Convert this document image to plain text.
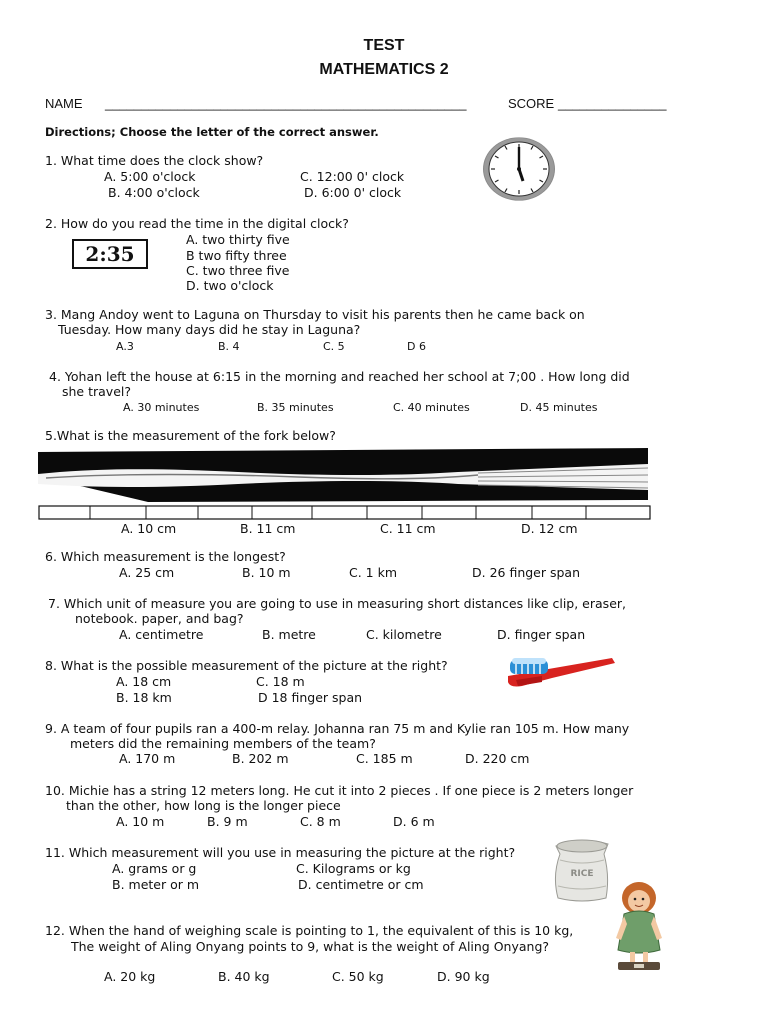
TEST
MATHEMATICS 2
NAME __________________________________________________	SCORE _______________
Directions; Choose the letter of the correct answer.
1. What time does the clock show?
A. 5:00 o'clock	C. 12:00 0' clock
B. 4:00 o'clock	D. 6:00 0' clock
2. How do you read the time in the digital clock?
2:35
A. two thirty five
B two fifty three
C. two three five
D. two o'clock
3. Mang Andoy went to Laguna on Thursday to visit his parents then he came back on
Tuesday. How many days did he stay in Laguna?
A.3	B. 4	C. 5	D 6
4. Yohan left the house at 6:15 in the morning and reached her school at 7;00 . How long did
she travel?
A. 30 minutes	B. 35 minutes	C. 40 minutes	D. 45 minutes
5.What is the measurement of the fork below?
A. 10 cm	B. 11 cm	C. 11 cm	D. 12 cm
6. Which measurement is the longest?
A. 25 cm	B. 10 m	C. 1 km	D. 26 finger span
7. Which unit of measure you are going to use in measuring short distances like clip, eraser,
notebook. paper, and bag?
A. centimetre	B. metre	C. kilometre	D. finger span
8. What is the possible measurement of the picture at the right?
A. 18 cm	C. 18 m
B. 18 km	D 18 finger span
9. A team of four pupils ran a 400-m relay. Johanna ran 75 m and Kylie ran 105 m. How many
meters did the remaining members of the team?
A. 170 m	B. 202 m	C. 185 m	D. 220 cm
10. Michie has a string 12 meters long. He cut it into 2 pieces . If one piece is 2 meters longer
than the other, how long is the longer piece
A. 10 m	B. 9 m	C. 8 m	D. 6 m
11. Which measurement will you use in measuring the picture at the right?
A. grams or g	C. Kilograms or kg
B. meter or m	D. centimetre or cm
RICE
12. When the hand of weighing scale is pointing to 1, the equivalent of this is 10 kg,
The weight of Aling Onyang points to 9, what is the weight of Aling Onyang?
A. 20 kg	B. 40 kg	C. 50 kg	D. 90 kg
